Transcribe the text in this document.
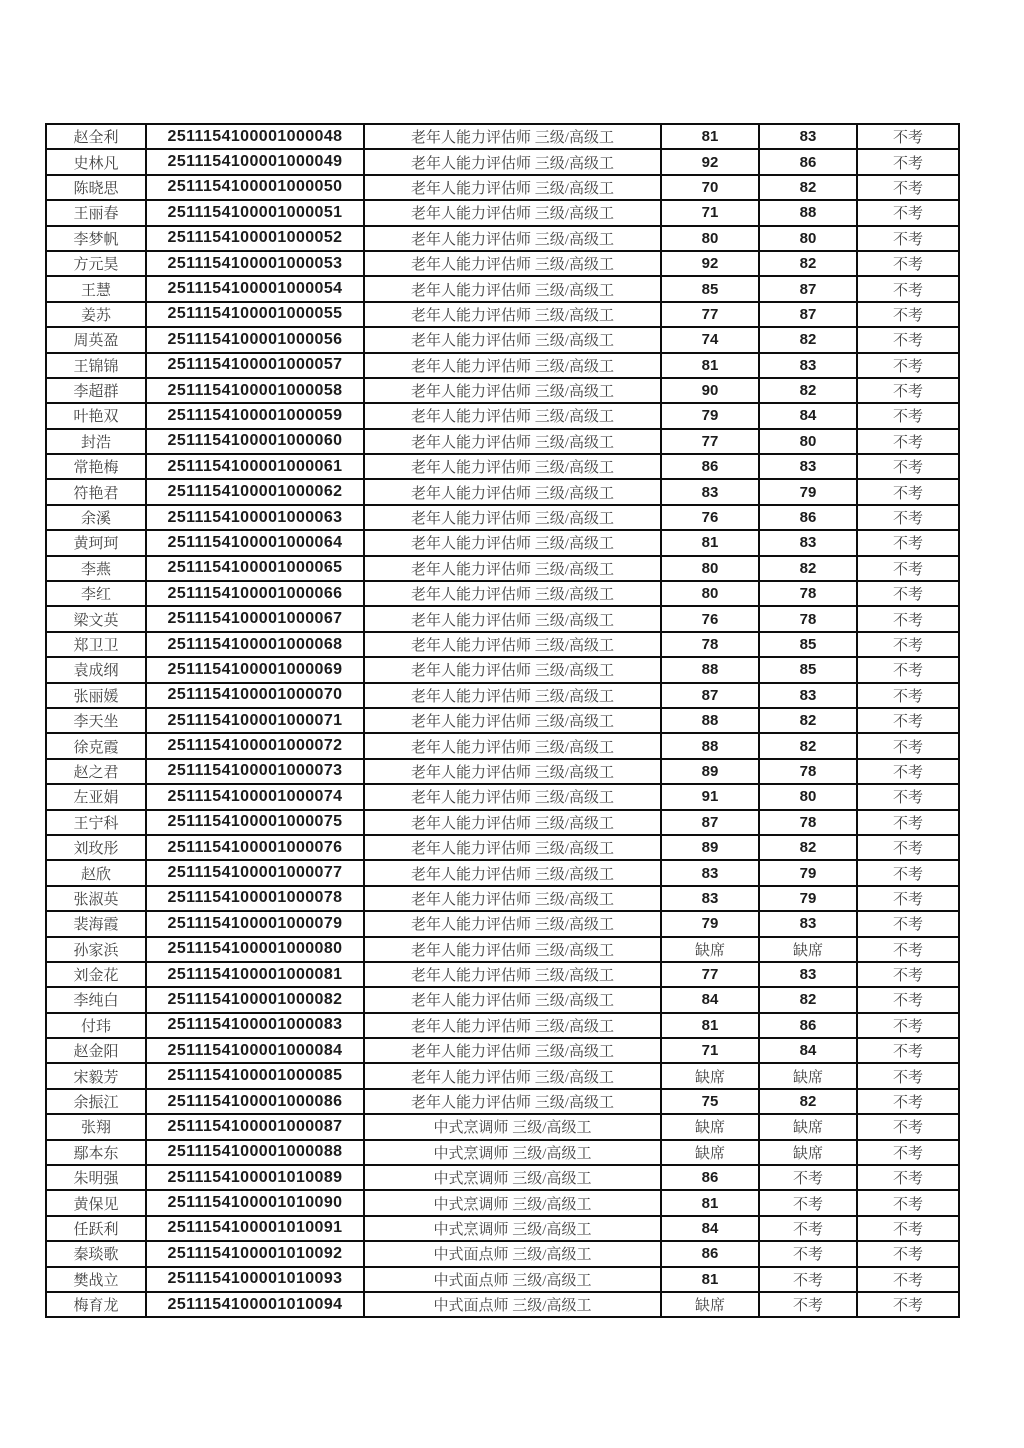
赵全利	2511154100001000048	老年人能力评估师 三级/高级工	81	83	不考
史林凡	2511154100001000049	老年人能力评估师 三级/高级工	92	86	不考
陈晓思	2511154100001000050	老年人能力评估师 三级/高级工	70	82	不考
王丽春	2511154100001000051	老年人能力评估师 三级/高级工	71	88	不考
李梦帆	2511154100001000052	老年人能力评估师 三级/高级工	80	80	不考
方元昊	2511154100001000053	老年人能力评估师 三级/高级工	92	82	不考
王慧	2511154100001000054	老年人能力评估师 三级/高级工	85	87	不考
姜苏	2511154100001000055	老年人能力评估师 三级/高级工	77	87	不考
周英盈	2511154100001000056	老年人能力评估师 三级/高级工	74	82	不考
王锦锦	2511154100001000057	老年人能力评估师 三级/高级工	81	83	不考
李超群	2511154100001000058	老年人能力评估师 三级/高级工	90	82	不考
叶艳双	2511154100001000059	老年人能力评估师 三级/高级工	79	84	不考
封浩	2511154100001000060	老年人能力评估师 三级/高级工	77	80	不考
常艳梅	2511154100001000061	老年人能力评估师 三级/高级工	86	83	不考
符艳君	2511154100001000062	老年人能力评估师 三级/高级工	83	79	不考
余溪	2511154100001000063	老年人能力评估师 三级/高级工	76	86	不考
黄珂珂	2511154100001000064	老年人能力评估师 三级/高级工	81	83	不考
李燕	2511154100001000065	老年人能力评估师 三级/高级工	80	82	不考
李红	2511154100001000066	老年人能力评估师 三级/高级工	80	78	不考
梁文英	2511154100001000067	老年人能力评估师 三级/高级工	76	78	不考
郑卫卫	2511154100001000068	老年人能力评估师 三级/高级工	78	85	不考
袁成纲	2511154100001000069	老年人能力评估师 三级/高级工	88	85	不考
张丽媛	2511154100001000070	老年人能力评估师 三级/高级工	87	83	不考
李天坐	2511154100001000071	老年人能力评估师 三级/高级工	88	82	不考
徐克霞	2511154100001000072	老年人能力评估师 三级/高级工	88	82	不考
赵之君	2511154100001000073	老年人能力评估师 三级/高级工	89	78	不考
左亚娟	2511154100001000074	老年人能力评估师 三级/高级工	91	80	不考
王宁科	2511154100001000075	老年人能力评估师 三级/高级工	87	78	不考
刘玫彤	2511154100001000076	老年人能力评估师 三级/高级工	89	82	不考
赵欣	2511154100001000077	老年人能力评估师 三级/高级工	83	79	不考
张淑英	2511154100001000078	老年人能力评估师 三级/高级工	83	79	不考
裴海霞	2511154100001000079	老年人能力评估师 三级/高级工	79	83	不考
孙家浜	2511154100001000080	老年人能力评估师 三级/高级工	缺席	缺席	不考
刘金花	2511154100001000081	老年人能力评估师 三级/高级工	77	83	不考
李纯白	2511154100001000082	老年人能力评估师 三级/高级工	84	82	不考
付玮	2511154100001000083	老年人能力评估师 三级/高级工	81	86	不考
赵金阳	2511154100001000084	老年人能力评估师 三级/高级工	71	84	不考
宋毅芳	2511154100001000085	老年人能力评估师 三级/高级工	缺席	缺席	不考
余振江	2511154100001000086	老年人能力评估师 三级/高级工	75	82	不考
张翔	2511154100001000087	中式烹调师 三级/高级工	缺席	缺席	不考
鄢本东	2511154100001000088	中式烹调师 三级/高级工	缺席	缺席	不考
朱明强	2511154100001010089	中式烹调师 三级/高级工	86	不考	不考
黄保见	2511154100001010090	中式烹调师 三级/高级工	81	不考	不考
任跃利	2511154100001010091	中式烹调师 三级/高级工	84	不考	不考
秦琰歌	2511154100001010092	中式面点师 三级/高级工	86	不考	不考
樊战立	2511154100001010093	中式面点师 三级/高级工	81	不考	不考
梅育龙	2511154100001010094	中式面点师 三级/高级工	缺席	不考	不考
